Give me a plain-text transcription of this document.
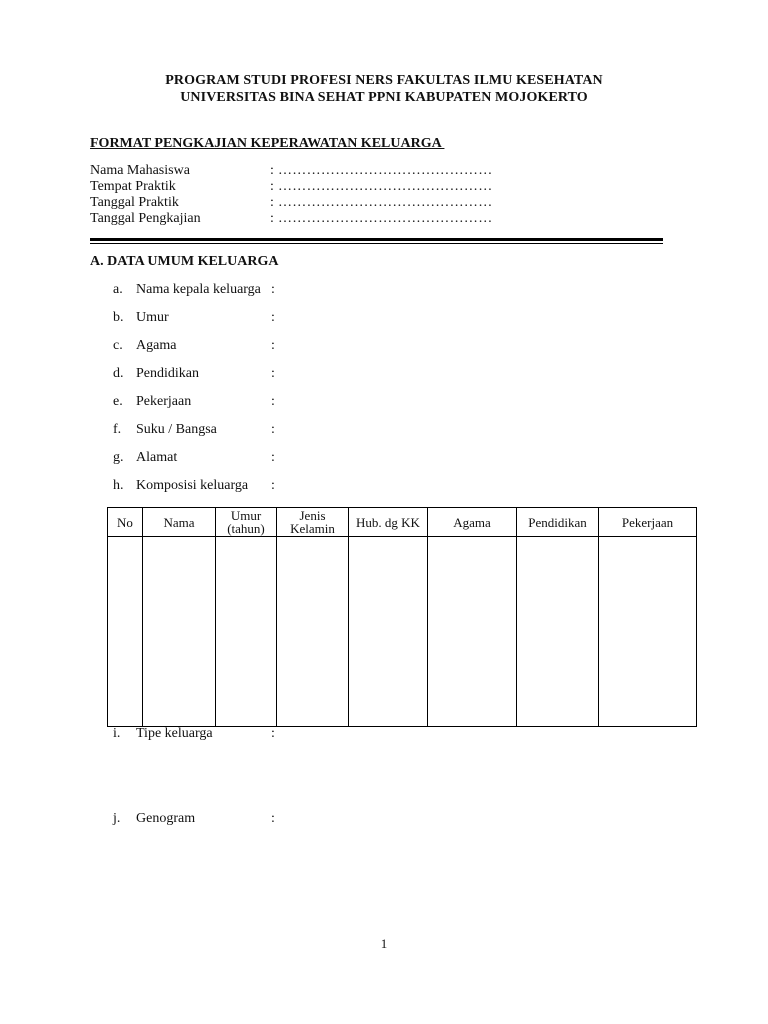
PROGRAM STUDI PROFESI NERS FAKULTAS ILMU KESEHATAN
UNIVERSITAS BINA SEHAT PPNI KABUPATEN MOJOKERTO
FORMAT PENGKAJIAN KEPERAWATAN KELUARGA
Nama Mahasiswa	: ………………………………………
Tempat Praktik	: ………………………………………
Tanggal Praktik	: ………………………………………
Tanggal Pengkajian	: ………………………………………
A. DATA UMUM KELUARGA
a. Nama kepala keluarga :
b. Umur	:
c. Agama	:
d. Pendidikan	:
e. Pekerjaan	:
f. Suku / Bangsa	:
g. Alamat	:
h. Komposisi keluarga :
No	Nama	Umur (tahun)	Jenis Kelamin	Hub. dg KK	Agama	Pendidikan	Pekerjaan

i. Tipe keluarga	:
j. Genogram	:
1
